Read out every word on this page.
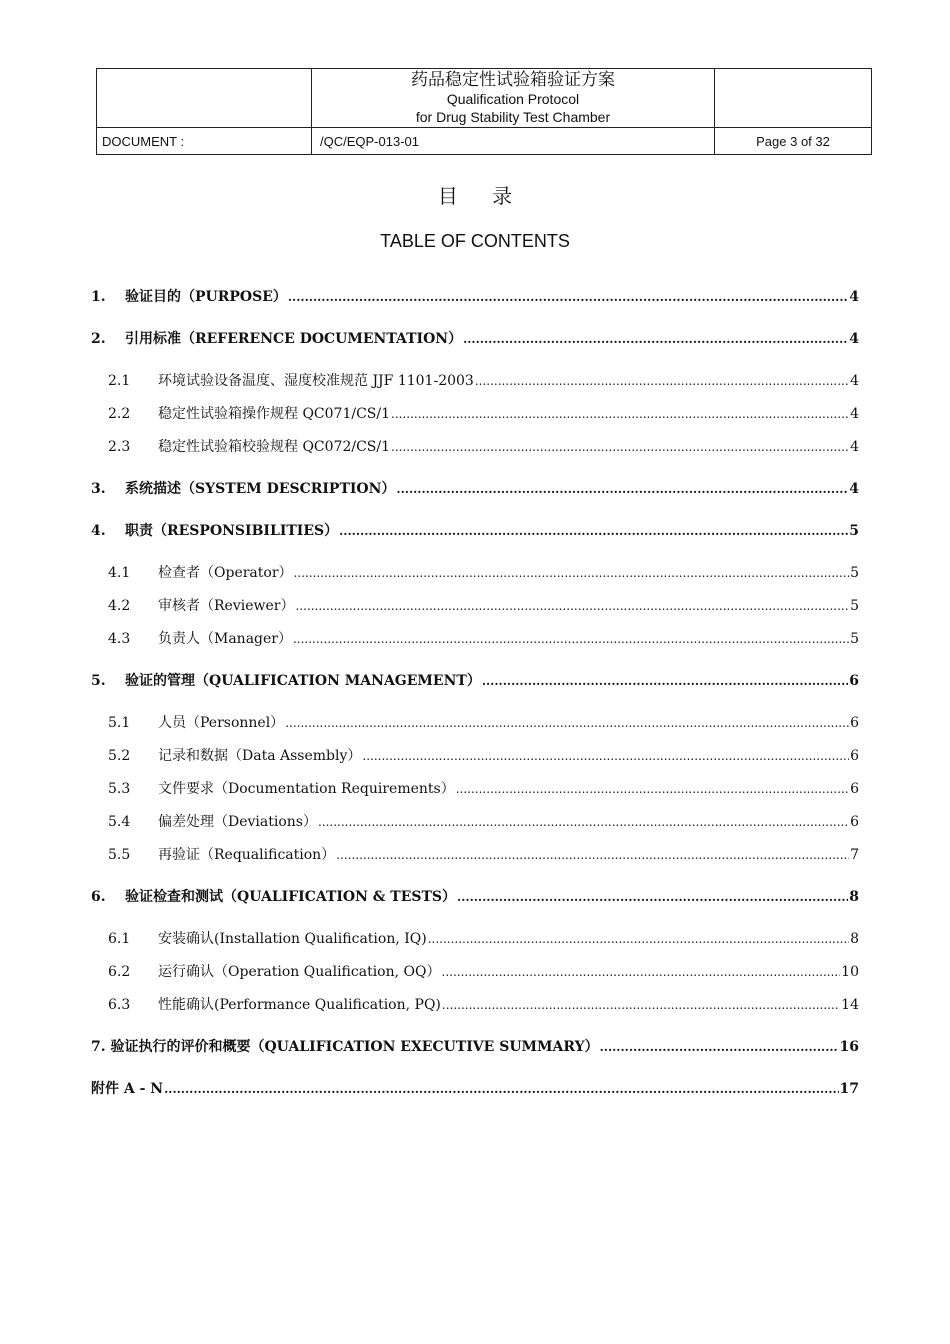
	药品稳定性试验箱验证方案
Qualification Protocol
for Drug Stability Test Chamber	

DOCUMENT :	/QC/EQP-013-01	Page 3 of 32
目 录
TABLE OF CONTENTS
1.	验证目的（PURPOSE） .....	4
2.	引用标准（REFERENCE DOCUMENTATION） .....	4
2.1	环境试验设备温度、湿度校准规范 JJF 1101-2003 .....	4
2.2	稳定性试验箱操作规程 QC071/CS/1 .....	4
2.3	稳定性试验箱校验规程 QC072/CS/1 .....	4
3.	系统描述（SYSTEM DESCRIPTION） .....	4
4.	职责（RESPONSIBILITIES） .....	5
4.1	检查者（Operator） .....	5
4.2	审核者（Reviewer） .....	5
4.3	负责人（Manager） .....	5
5.	验证的管理（QUALIFICATION MANAGEMENT） .....	6
5.1	人员（Personnel） .....	6
5.2	记录和数据（Data Assembly） .....	6
5.3	文件要求（Documentation Requirements） .....	6
5.4	偏差处理（Deviations） .....	6
5.5	再验证（Requalification） .....	7
6.	验证检查和测试（QUALIFICATION & TESTS） .....	8
6.1	安装确认(Installation Qualification, IQ) .....	8
6.2	运行确认（Operation Qualification, OQ） .....	10
6.3	性能确认(Performance Qualification, PQ) .....	14
7. 验证执行的评价和概要（QUALIFICATION EXECUTIVE SUMMARY） .....	16
附件 A - N .....	17
